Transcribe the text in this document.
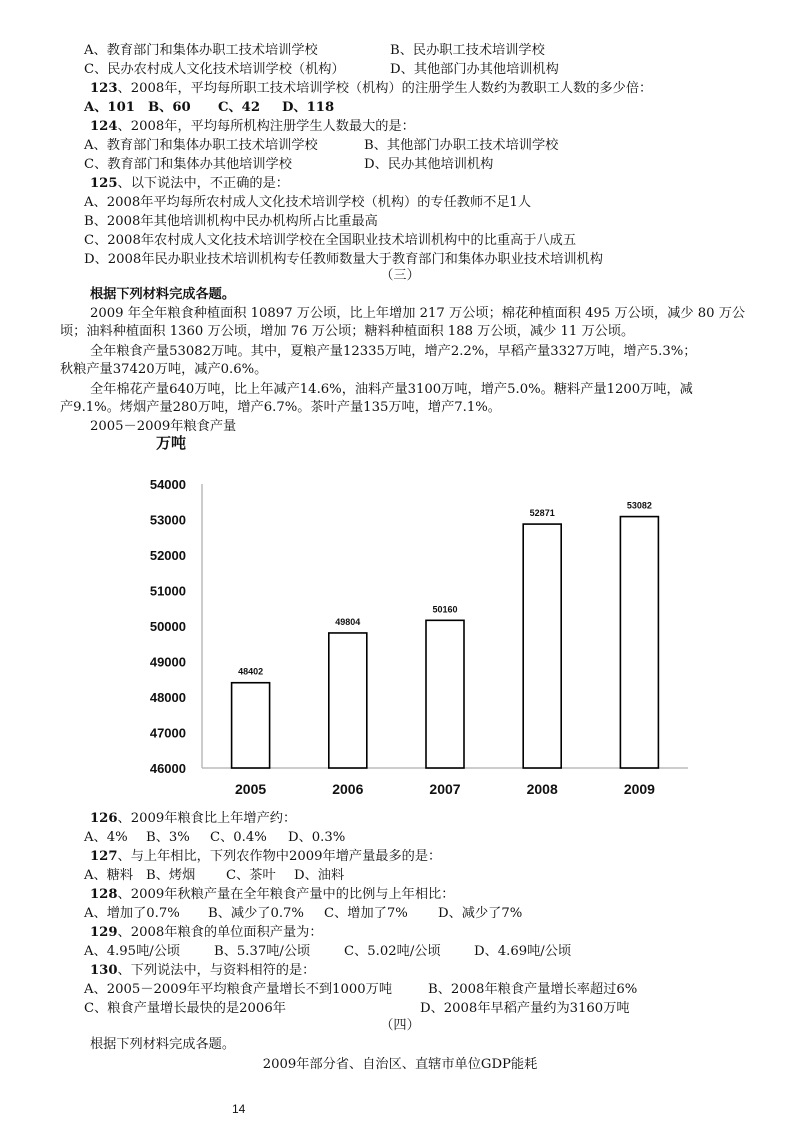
A、教育部门和集体办职工技术培训学校	B、民办职工技术培训学校
C、民办农村成人文化技术培训学校（机构）	D、其他部门办其他培训机构
123、2008年，平均每所职工技术培训学校（机构）的注册学生人数约为教职工人数的多少倍：
A、101 B、60 C、42 D、118
124、2008年，平均每所机构注册学生人数最大的是：
A、教育部门和集体办职工技术培训学校	B、其他部门办职工技术培训学校
C、教育部门和集体办其他培训学校	D、民办其他培训机构
125、以下说法中，不正确的是：
A、2008年平均每所农村成人文化技术培训学校（机构）的专任教师不足1人
B、2008年其他培训机构中民办机构所占比重最高
C、2008年农村成人文化技术培训学校在全国职业技术培训机构中的比重高于八成五
D、2008年民办职业技术培训机构专任教师数量大于教育部门和集体办职业技术培训机构
（三）
根据下列材料完成各题。
2009 年全年粮食种植面积 10897 万公顷，比上年增加 217 万公顷；棉花种植面积 495 万公顷，减少 80 万公
顷；油料种植面积 1360 万公顷，增加 76 万公顷；糖料种植面积 188 万公顷，减少 11 万公顷。
全年粮食产量53082万吨。其中，夏粮产量12335万吨，增产2.2%，早稻产量3327万吨，增产5.3%；
秋粮产量37420万吨，减产0.6%。
全年棉花产量640万吨，比上年减产14.6%，油料产量3100万吨，增产5.0%。糖料产量1200万吨，减
产9.1%。烤烟产量280万吨，增产6.7%。茶叶产量135万吨，增产7.1%。
2005－2009年粮食产量
万吨
46000
47000
48000
49000
50000
51000
52000
53000
54000
48402
2005
49804
2006
50160
2007
52871
2008
53082
2009
126、2009年粮食比上年增产约：
A、4% B、3% C、0.4% D、0.3%
127、与上年相比，下列农作物中2009年增产量最多的是：
A、糖料 B、烤烟 C、茶叶 D、油料
128、2009年秋粮产量在全年粮食产量中的比例与上年相比：
A、增加了0.7% B、减少了0.7% C、增加了7% D、减少了7%
129、2008年粮食的单位面积产量为：
A、4.95吨/公顷	B、5.37吨/公顷	C、5.02吨/公顷	D、4.69吨/公顷
130、下列说法中，与资料相符的是：
A、2005－2009年平均粮食产量增长不到1000万吨	B、2008年粮食产量增长率超过6%
C、粮食产量增长最快的是2006年	D、2008年早稻产量约为3160万吨
（四）
根据下列材料完成各题。
2009年部分省、自治区、直辖市单位GDP能耗
14
